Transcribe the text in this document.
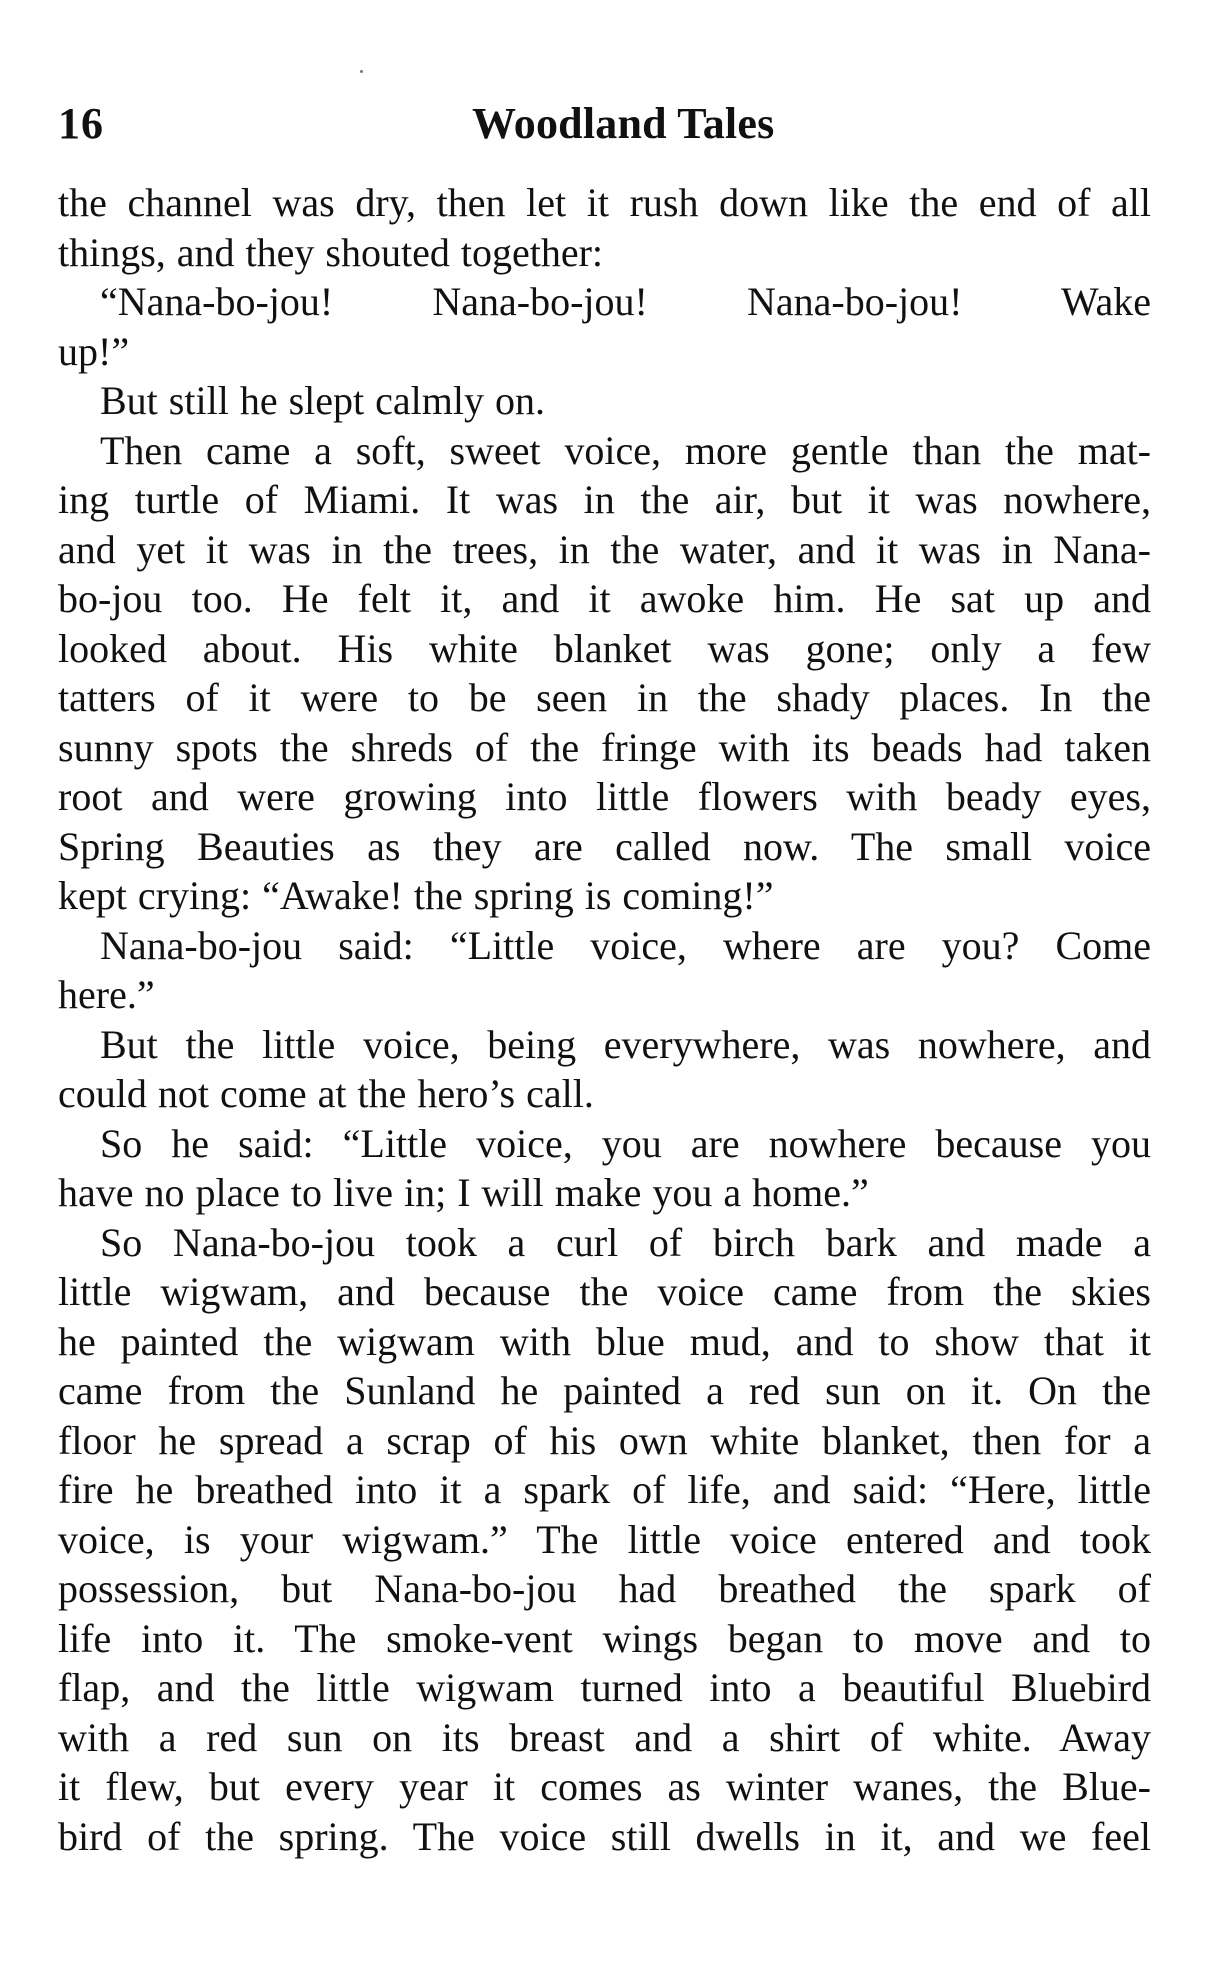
16	Woodland Tales
the channel was dry, then let it rush down like the end of all
things, and they shouted together:
“Nana-bo-jou! Nana-bo-jou! Nana-bo-jou! Wake
up!”
But still he slept calmly on.
Then came a soft, sweet voice, more gentle than the mat-
ing turtle of Miami. It was in the air, but it was nowhere,
and yet it was in the trees, in the water, and it was in Nana-
bo-jou too. He felt it, and it awoke him. He sat up and
looked about. His white blanket was gone; only a few
tatters of it were to be seen in the shady places. In the
sunny spots the shreds of the fringe with its beads had taken
root and were growing into little flowers with beady eyes,
Spring Beauties as they are called now. The small voice
kept crying: “Awake! the spring is coming!”
Nana-bo-jou said: “Little voice, where are you? Come
here.”
But the little voice, being everywhere, was nowhere, and
could not come at the hero’s call.
So he said: “Little voice, you are nowhere because you
have no place to live in; I will make you a home.”
So Nana-bo-jou took a curl of birch bark and made a
little wigwam, and because the voice came from the skies
he painted the wigwam with blue mud, and to show that it
came from the Sunland he painted a red sun on it. On the
floor he spread a scrap of his own white blanket, then for a
fire he breathed into it a spark of life, and said: “Here, little
voice, is your wigwam.” The little voice entered and took
possession, but Nana-bo-jou had breathed the spark of
life into it. The smoke-vent wings began to move and to
flap, and the little wigwam turned into a beautiful Bluebird
with a red sun on its breast and a shirt of white. Away
it flew, but every year it comes as winter wanes, the Blue-
bird of the spring. The voice still dwells in it, and we feel
